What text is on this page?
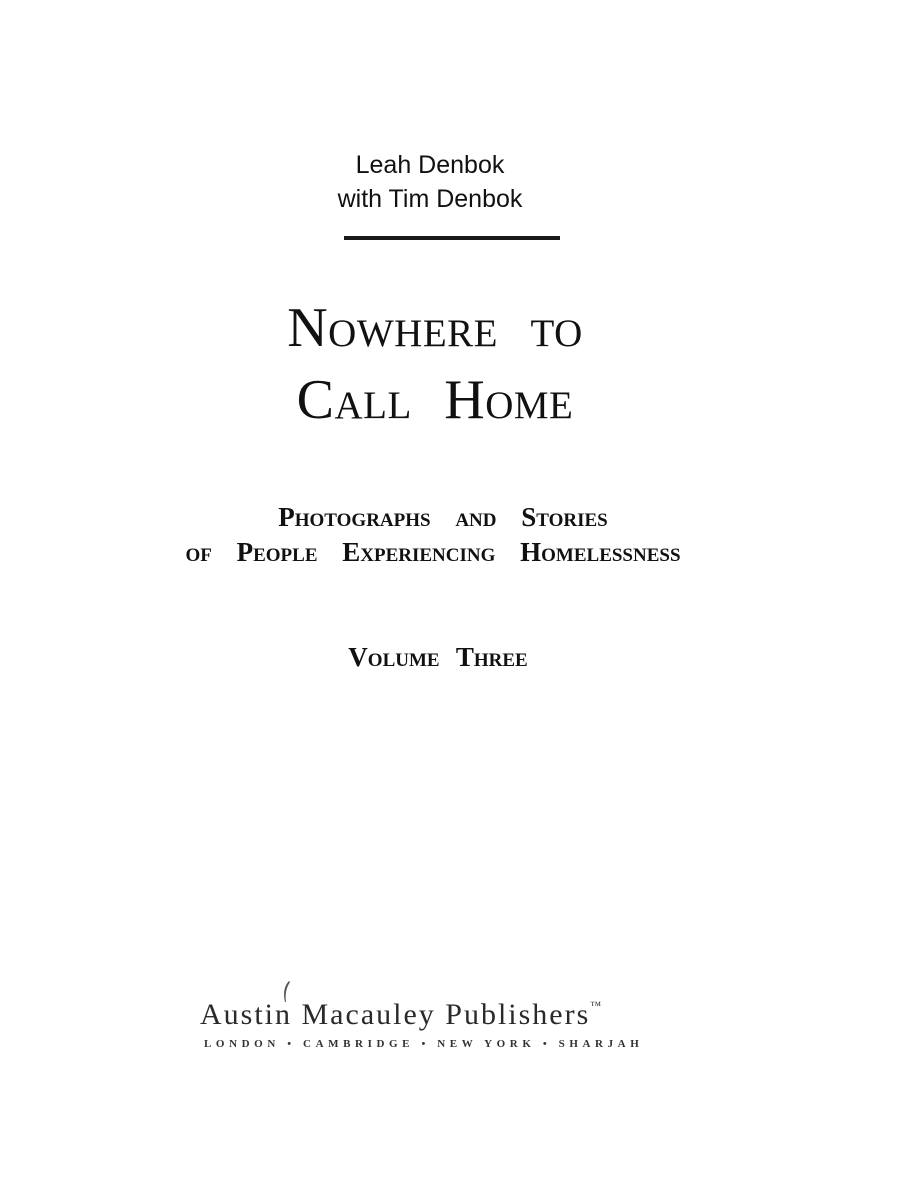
Leah Denbok
with Tim Denbok
Nowhere to
Call Home
Photographs and Stories
of People Experiencing Homelessness
Volume Three
Austin Macauley Publishers™
LONDON • CAMBRIDGE • NEW YORK • SHARJAH
